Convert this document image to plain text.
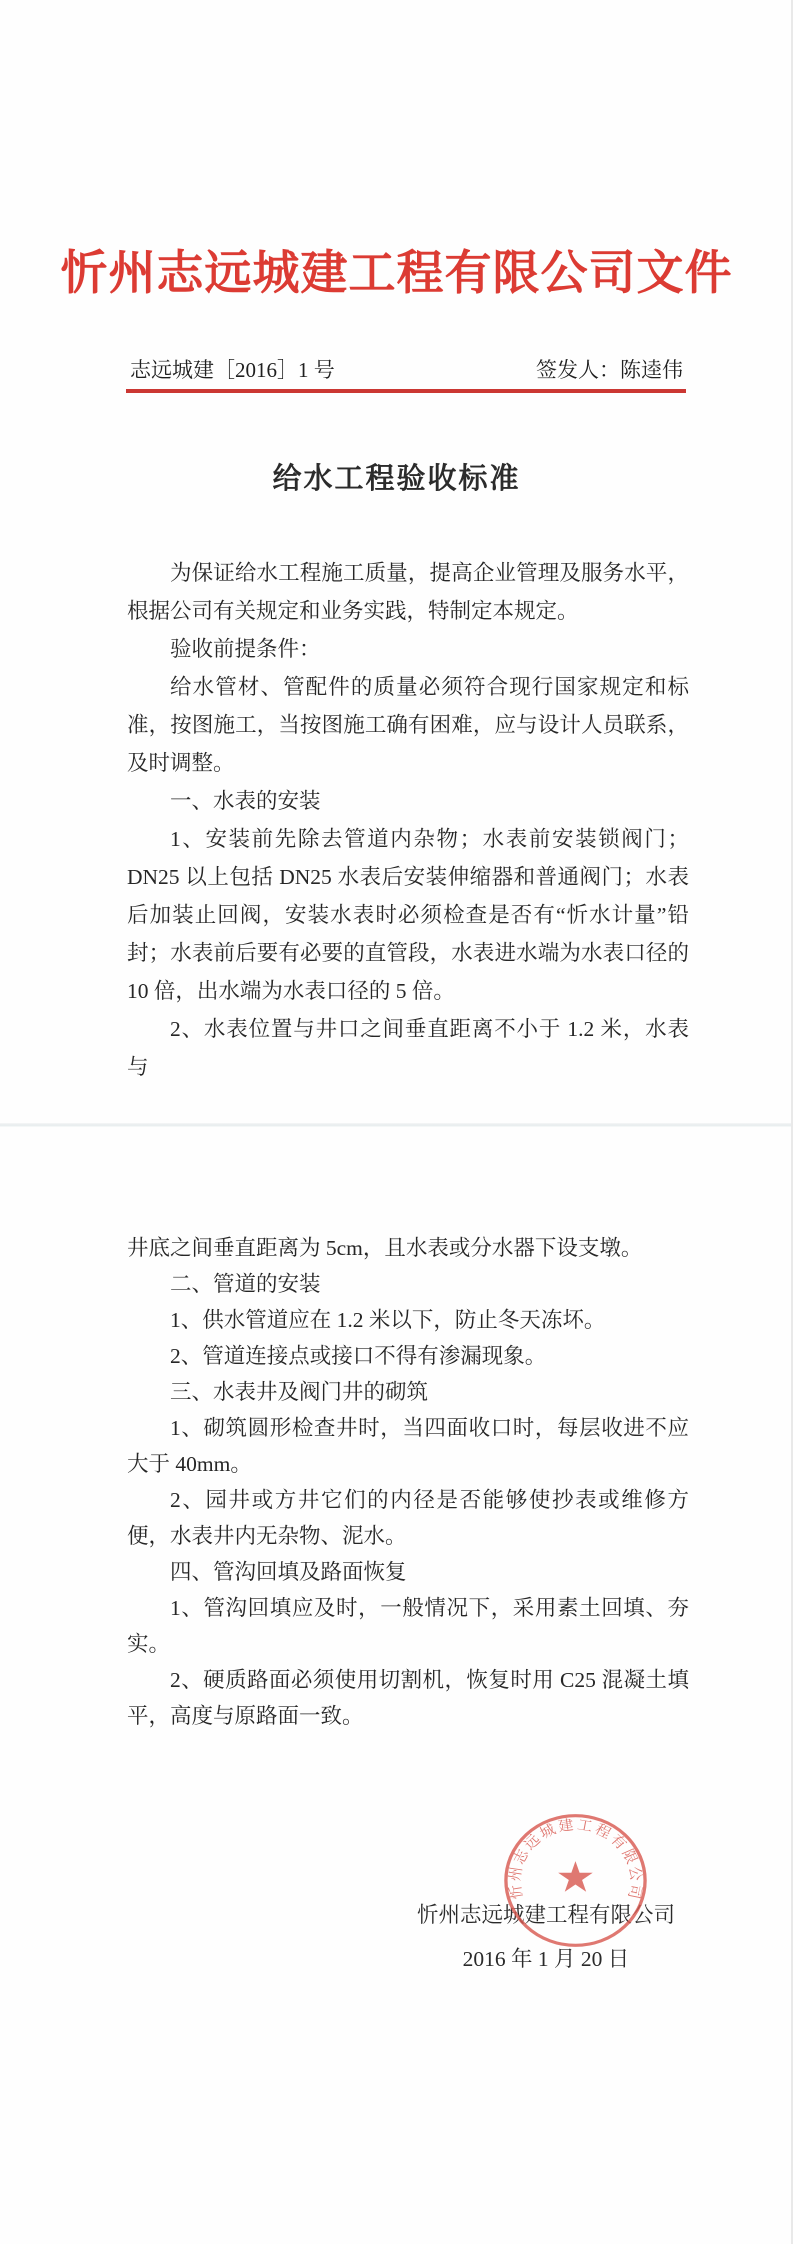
忻州志远城建工程有限公司文件
志远城建［2016］1 号	签发人：陈逵伟
给水工程验收标准

为保证给水工程施工质量，提高企业管理及服务水平，根据公司有关规定和业务实践，特制定本规定。

验收前提条件：

给水管材、管配件的质量必须符合现行国家规定和标准，按图施工，当按图施工确有困难，应与设计人员联系，及时调整。

一、水表的安装

1、安装前先除去管道内杂物；水表前安装锁阀门；DN25 以上包括 DN25 水表后安装伸缩器和普通阀门；水表后加装止回阀，安装水表时必须检查是否有“忻水计量”铅封；水表前后要有必要的直管段，水表进水端为水表口径的 10 倍，出水端为水表口径的 5 倍。

2、水表位置与井口之间垂直距离不小于 1.2 米，水表与

井底之间垂直距离为 5cm，且水表或分水器下设支墩。

二、管道的安装

1、供水管道应在 1.2 米以下，防止冬天冻坏。

2、管道连接点或接口不得有渗漏现象。

三、水表井及阀门井的砌筑

1、砌筑圆形检查井时，当四面收口时，每层收进不应大于 40mm。

2、园井或方井它们的内径是否能够使抄表或维修方便，水表井内无杂物、泥水。

四、管沟回填及路面恢复

1、管沟回填应及时，一般情况下，采用素土回填、夯实。

2、硬质路面必须使用切割机，恢复时用 C25 混凝土填平，高度与原路面一致。

忻州志远城建工程有限公司
2016 年 1 月 20 日
忻州志远城建工程有限公司
★
